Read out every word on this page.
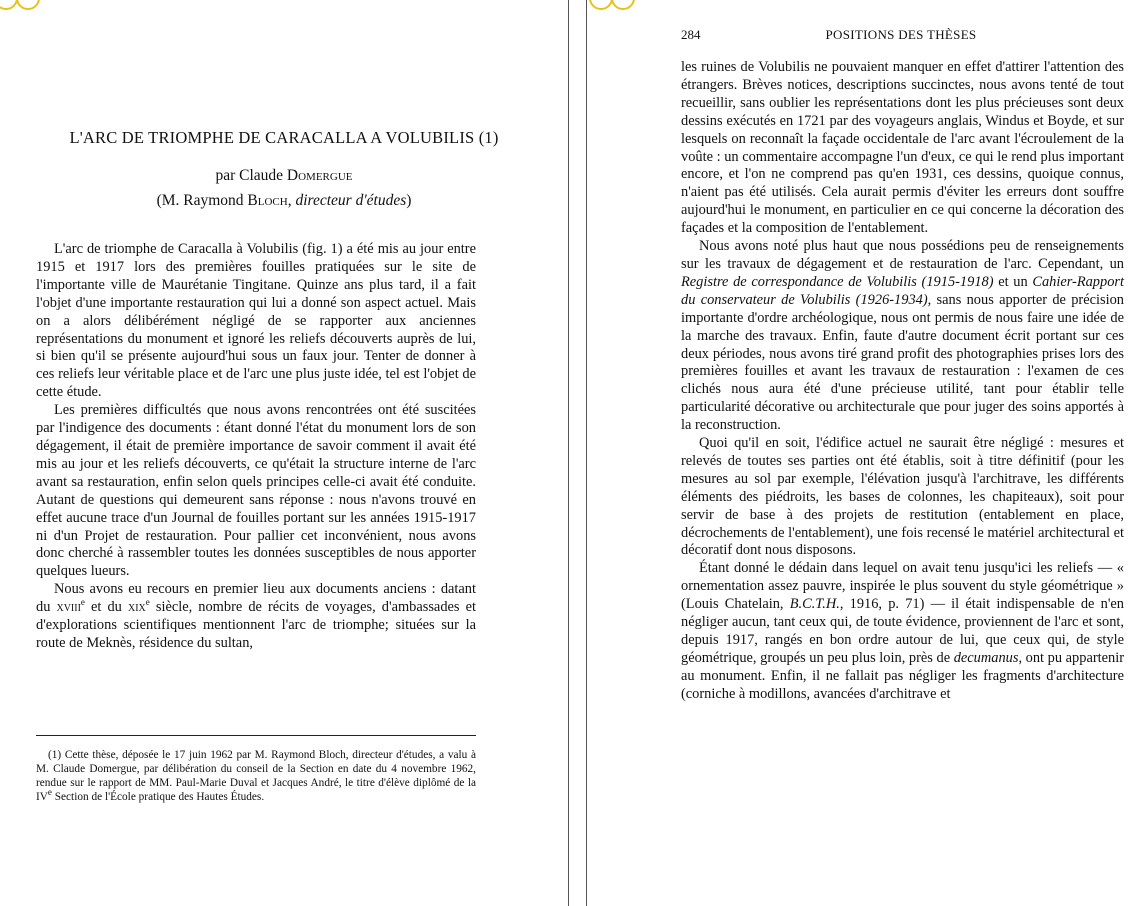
L'ARC DE TRIOMPHE DE CARACALLA A VOLUBILIS (1)
par Claude Domergue
(M. Raymond Bloch, directeur d'études)

L'arc de triomphe de Caracalla à Volubilis (fig. 1) a été mis au jour entre 1915 et 1917 lors des premières fouilles pratiquées sur le site de l'importante ville de Maurétanie Tingitane. Quinze ans plus tard, il a fait l'objet d'une importante restauration qui lui a donné son aspect actuel. Mais on a alors délibérément négligé de se rapporter aux anciennes représentations du monument et ignoré les reliefs découverts auprès de lui, si bien qu'il se présente aujourd'hui sous un faux jour. Tenter de donner à ces reliefs leur véritable place et de l'arc une plus juste idée, tel est l'objet de cette étude.

Les premières difficultés que nous avons rencontrées ont été suscitées par l'indigence des documents : étant donné l'état du monument lors de son dégagement, il était de première importance de savoir comment il avait été mis au jour et les reliefs découverts, ce qu'était la structure interne de l'arc avant sa restauration, enfin selon quels principes celle-ci avait été conduite. Autant de questions qui demeurent sans réponse : nous n'avons trouvé en effet aucune trace d'un Journal de fouilles portant sur les années 1915-1917 ni d'un Projet de restauration. Pour pallier cet inconvénient, nous avons donc cherché à rassembler toutes les données susceptibles de nous apporter quelques lueurs.

Nous avons eu recours en premier lieu aux documents anciens : datant du xviii$^e$ et du xix$^e$ siècle, nombre de récits de voyages, d'ambassades et d'explorations scientifiques mentionnent l'arc de triomphe; situées sur la route de Meknès, résidence du sultan,

(1) Cette thèse, déposée le 17 juin 1962 par M. Raymond Bloch, directeur d'études, a valu à M. Claude Domergue, par délibération du conseil de la Section en date du 4 novembre 1962, rendue sur le rapport de MM. Paul-Marie Duval et Jacques André, le titre d'élève diplômé de la IVe Section de l'École pratique des Hautes Études.

284	POSITIONS DES THÈSES

les ruines de Volubilis ne pouvaient manquer en effet d'attirer l'attention des étrangers. Brèves notices, descriptions succinctes, nous avons tenté de tout recueillir, sans oublier les représentations dont les plus précieuses sont deux dessins exécutés en 1721 par des voyageurs anglais, Windus et Boyde, et sur lesquels on reconnaît la façade occidentale de l'arc avant l'écroulement de la voûte : un commentaire accompagne l'un d'eux, ce qui le rend plus important encore, et l'on ne comprend pas qu'en 1931, ces dessins, quoique connus, n'aient pas été utilisés. Cela aurait permis d'éviter les erreurs dont souffre aujourd'hui le monument, en particulier en ce qui concerne la décoration des façades et la composition de l'entablement.

Nous avons noté plus haut que nous possédions peu de renseignements sur les travaux de dégagement et de restauration de l'arc. Cependant, un Registre de correspondance de Volubilis (1915-1918) et un Cahier-Rapport du conservateur de Volubilis (1926-1934), sans nous apporter de précision importante d'ordre archéologique, nous ont permis de nous faire une idée de la marche des travaux. Enfin, faute d'autre document écrit portant sur ces deux périodes, nous avons tiré grand profit des photographies prises lors des premières fouilles et avant les travaux de restauration : l'examen de ces clichés nous aura été d'une précieuse utilité, tant pour établir telle particularité décorative ou architecturale que pour juger des soins apportés à la reconstruction.

Quoi qu'il en soit, l'édifice actuel ne saurait être négligé : mesures et relevés de toutes ses parties ont été établis, soit à titre définitif (pour les mesures au sol par exemple, l'élévation jusqu'à l'architrave, les différents éléments des piédroits, les bases de colonnes, les chapiteaux), soit pour servir de base à des projets de restitution (entablement en place, décrochements de l'entablement), une fois recensé le matériel architectural et décoratif dont nous disposons.

Étant donné le dédain dans lequel on avait tenu jusqu'ici les reliefs — « ornementation assez pauvre, inspirée le plus souvent du style géométrique » (Louis Chatelain, B.C.T.H., 1916, p. 71) — il était indispensable de n'en négliger aucun, tant ceux qui, de toute évidence, proviennent de l'arc et sont, depuis 1917, rangés en bon ordre autour de lui, que ceux qui, de style géométrique, groupés un peu plus loin, près de decumanus, ont pu appartenir au monument. Enfin, il ne fallait pas négliger les fragments d'architecture (corniche à modillons, avancées d'architrave et
